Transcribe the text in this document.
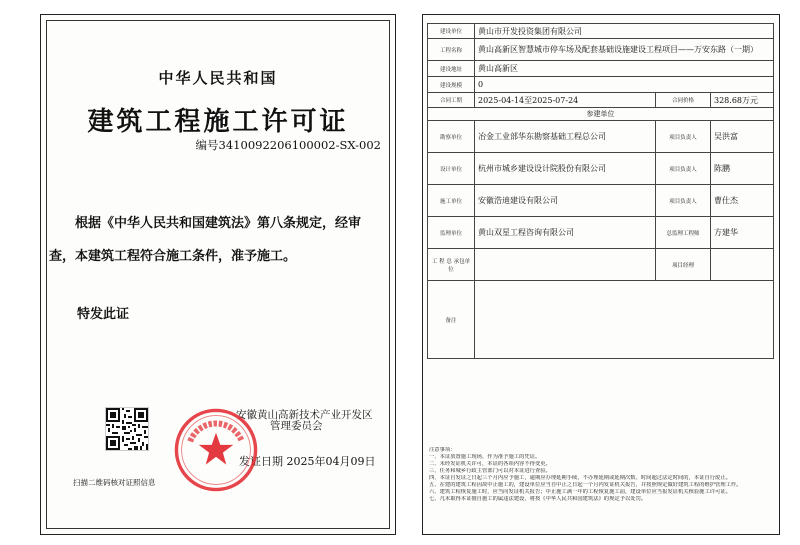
中华人民共和国
建筑工程施工许可证
编号3410092206100002-SX-002
根据《中华人民共和国建筑法》第八条规定，经审查，本建筑工程符合施工条件，准予施工。
特发此证
扫描二维码核对证照信息
安徽黄山高新技术产业开发区
管理委员会
发证日期 2025年04月09日
建设单位	黄山市开发投资集团有限公司		
工程名称	黄山高新区智慧城市停车场及配套基础设施建设工程项目——万安东路（一期）		
建设地址	黄山高新区		
建设规模	0		
合同工期	2025-04-14至2025-07-24	合同价格	328.68万元
参建单位			
勘察单位	冶金工业部华东勘察基础工程总公司	项目负责人	吴洪富
设计单位	杭州市城乡建设设计院股份有限公司	项目负责人	陈鹏
施工单位	安徽浩迪建设有限公司	项目负责人	曹仕杰
监理单位	黄山双星工程咨询有限公司	总监理工程师	方建华
工 程 总 承包单位		项目经理	
备注			
注意事项：
一、本证放置施工现场，作为准予施工的凭证。
二、未经发证机关许可，本证的各项内容不得变更。
三、任务和城乡行政主管部门可以对本证进行查验。
四、本证自发证之日起三个月内应予施工，逾期应办理延期手续，不办理延期或延期次数、时间超过法定时间的，本证自行废止。
五、在建的建筑工程因故中止施工的，建设单位应当自中止之日起一个月内发证机关报告，并按照规定做好建筑工程的维护管理工作。
六、建筑工程恢复施工时，应当向发证机关报告；中止施工满一年的工程恢复施工前，建设单位应当报发证机关核验施工许可证。
七、凡未取得本证擅自施工的属违法建设，将按《中华人民共和国建筑法》的规定予以处罚。
